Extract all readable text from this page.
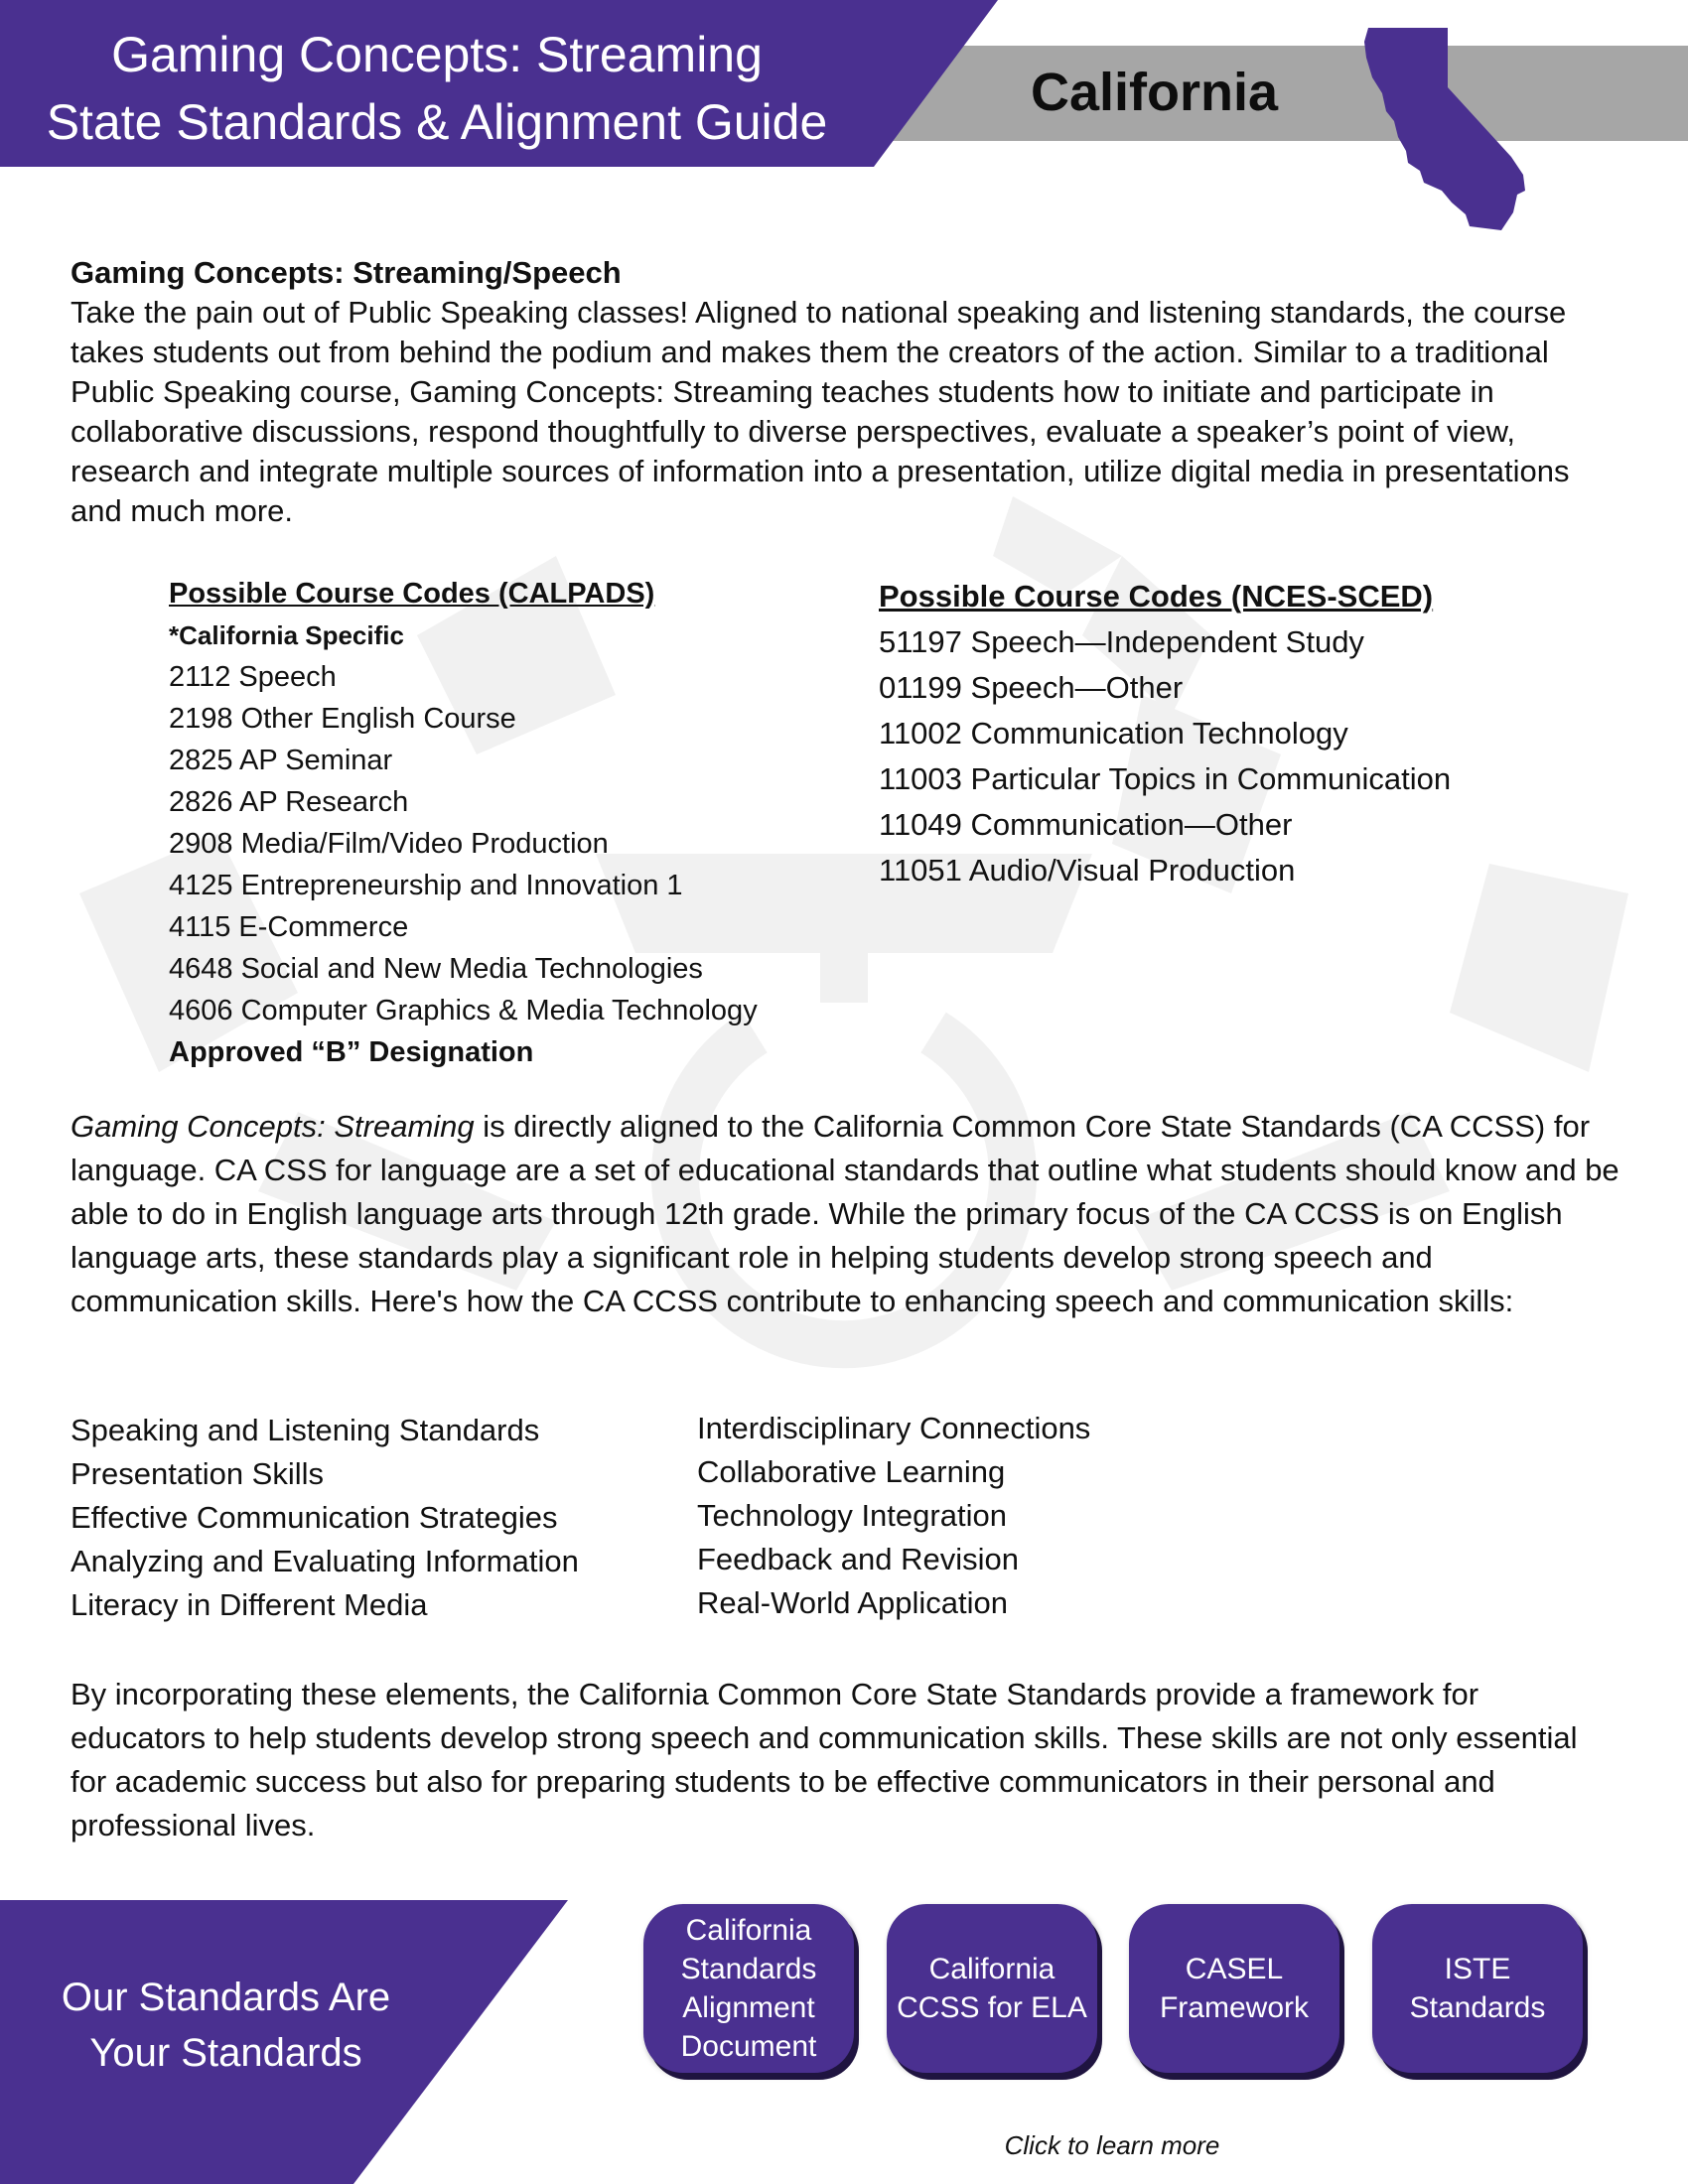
Gaming Concepts: Streaming
State Standards & Alignment Guide	California
Gaming Concepts: Streaming/Speech
Take the pain out of Public Speaking classes! Aligned to national speaking and listening standards, the course takes students out from behind the podium and makes them the creators of the action. Similar to a traditional Public Speaking course, Gaming Concepts: Streaming teaches students how to initiate and participate in collaborative discussions, respond thoughtfully to diverse perspectives, evaluate a speaker’s point of view, research and integrate multiple sources of information into a presentation, utilize digital media in presentations and much more.
Possible Course Codes (CALPADS)
*California Specific
2112 Speech
2198 Other English Course
2825 AP Seminar
2826 AP Research
2908 Media/Film/Video Production
4125 Entrepreneurship and Innovation 1
4115 E-Commerce
4648 Social and New Media Technologies
4606 Computer Graphics & Media Technology
Approved “B” Designation
Possible Course Codes (NCES-SCED)
51197 Speech—Independent Study
01199 Speech—Other
11002 Communication Technology
11003 Particular Topics in Communication
11049 Communication—Other
11051 Audio/Visual Production
Gaming Concepts: Streaming is directly aligned to the California Common Core State Standards (CA CCSS) for language. CA CSS for language are a set of educational standards that outline what students should know and be able to do in English language arts through 12th grade. While the primary focus of the CA CCSS is on English language arts, these standards play a significant role in helping students develop strong speech and communication skills. Here's how the CA CCSS contribute to enhancing speech and communication skills:
Speaking and Listening Standards
Presentation Skills
Effective Communication Strategies
Analyzing and Evaluating Information
Literacy in Different Media
Interdisciplinary Connections
Collaborative Learning
Technology Integration
Feedback and Revision
Real-World Application
By incorporating these elements, the California Common Core State Standards provide a framework for educators to help students develop strong speech and communication skills. These skills are not only essential for academic success but also for preparing students to be effective communicators in their personal and professional lives.
Our Standards Are
Your Standards
California Standards Alignment Document
California CCSS for ELA
CASEL Framework
ISTE Standards
Click to learn more
